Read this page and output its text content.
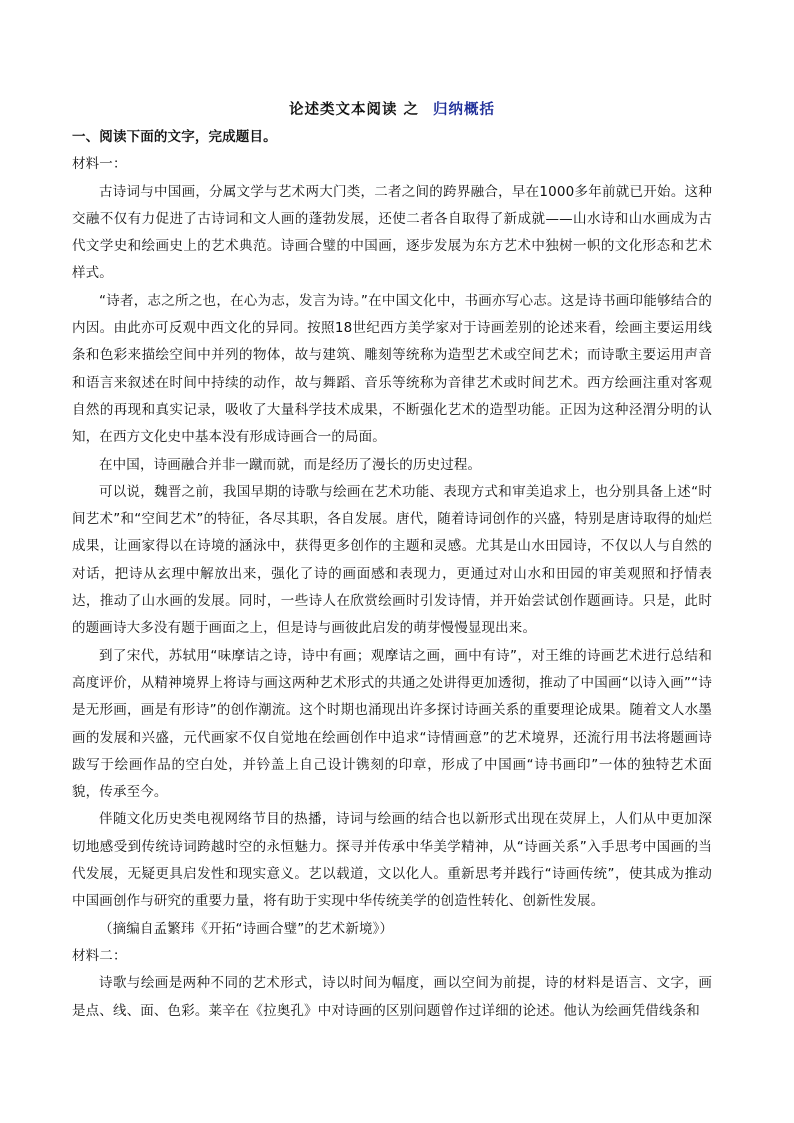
论述类文本阅读 之 归纳概括

一、阅读下面的文字，完成题目。

材料一：

古诗词与中国画，分属文学与艺术两大门类，二者之间的跨界融合，早在1000多年前就已开始。这种交融不仅有力促进了古诗词和文人画的蓬勃发展，还使二者各自取得了新成就——山水诗和山水画成为古代文学史和绘画史上的艺术典范。诗画合璧的中国画，逐步发展为东方艺术中独树一帜的文化形态和艺术样式。

“诗者，志之所之也，在心为志，发言为诗。”在中国文化中，书画亦写心志。这是诗书画印能够结合的内因。由此亦可反观中西文化的异同。按照18世纪西方美学家对于诗画差别的论述来看，绘画主要运用线条和色彩来描绘空间中并列的物体，故与建筑、雕刻等统称为造型艺术或空间艺术；而诗歌主要运用声音和语言来叙述在时间中持续的动作，故与舞蹈、音乐等统称为音律艺术或时间艺术。西方绘画注重对客观自然的再现和真实记录，吸收了大量科学技术成果，不断强化艺术的造型功能。正因为这种泾渭分明的认知，在西方文化史中基本没有形成诗画合一的局面。

在中国，诗画融合并非一蹴而就，而是经历了漫长的历史过程。

可以说，魏晋之前，我国早期的诗歌与绘画在艺术功能、表现方式和审美追求上，也分别具备上述“时间艺术”和“空间艺术”的特征，各尽其职，各自发展。唐代，随着诗词创作的兴盛，特别是唐诗取得的灿烂成果，让画家得以在诗境的涵泳中，获得更多创作的主题和灵感。尤其是山水田园诗，不仅以人与自然的对话，把诗从玄理中解放出来，强化了诗的画面感和表现力，更通过对山水和田园的审美观照和抒情表达，推动了山水画的发展。同时，一些诗人在欣赏绘画时引发诗情，并开始尝试创作题画诗。只是，此时的题画诗大多没有题于画面之上，但是诗与画彼此启发的萌芽慢慢显现出来。

到了宋代，苏轼用“味摩诘之诗，诗中有画；观摩诘之画，画中有诗”，对王维的诗画艺术进行总结和高度评价，从精神境界上将诗与画这两种艺术形式的共通之处讲得更加透彻，推动了中国画“以诗入画”“诗是无形画，画是有形诗”的创作潮流。这个时期也涌现出许多探讨诗画关系的重要理论成果。随着文人水墨画的发展和兴盛，元代画家不仅自觉地在绘画创作中追求“诗情画意”的艺术境界，还流行用书法将题画诗跋写于绘画作品的空白处，并钤盖上自己设计镌刻的印章，形成了中国画“诗书画印”一体的独特艺术面貌，传承至今。

伴随文化历史类电视网络节目的热播，诗词与绘画的结合也以新形式出现在荧屏上，人们从中更加深切地感受到传统诗词跨越时空的永恒魅力。探寻并传承中华美学精神，从“诗画关系”入手思考中国画的当代发展，无疑更具启发性和现实意义。艺以载道，文以化人。重新思考并践行“诗画传统”，使其成为推动中国画创作与研究的重要力量，将有助于实现中华传统美学的创造性转化、创新性发展。

（摘编自孟繁玮《开拓“诗画合璧”的艺术新境》）

材料二：

诗歌与绘画是两种不同的艺术形式，诗以时间为幅度，画以空间为前提，诗的材料是语言、文字，画是点、线、面、色彩。莱辛在《拉奥孔》中对诗画的区别问题曾作过详细的论述。他认为绘画凭借线条和
